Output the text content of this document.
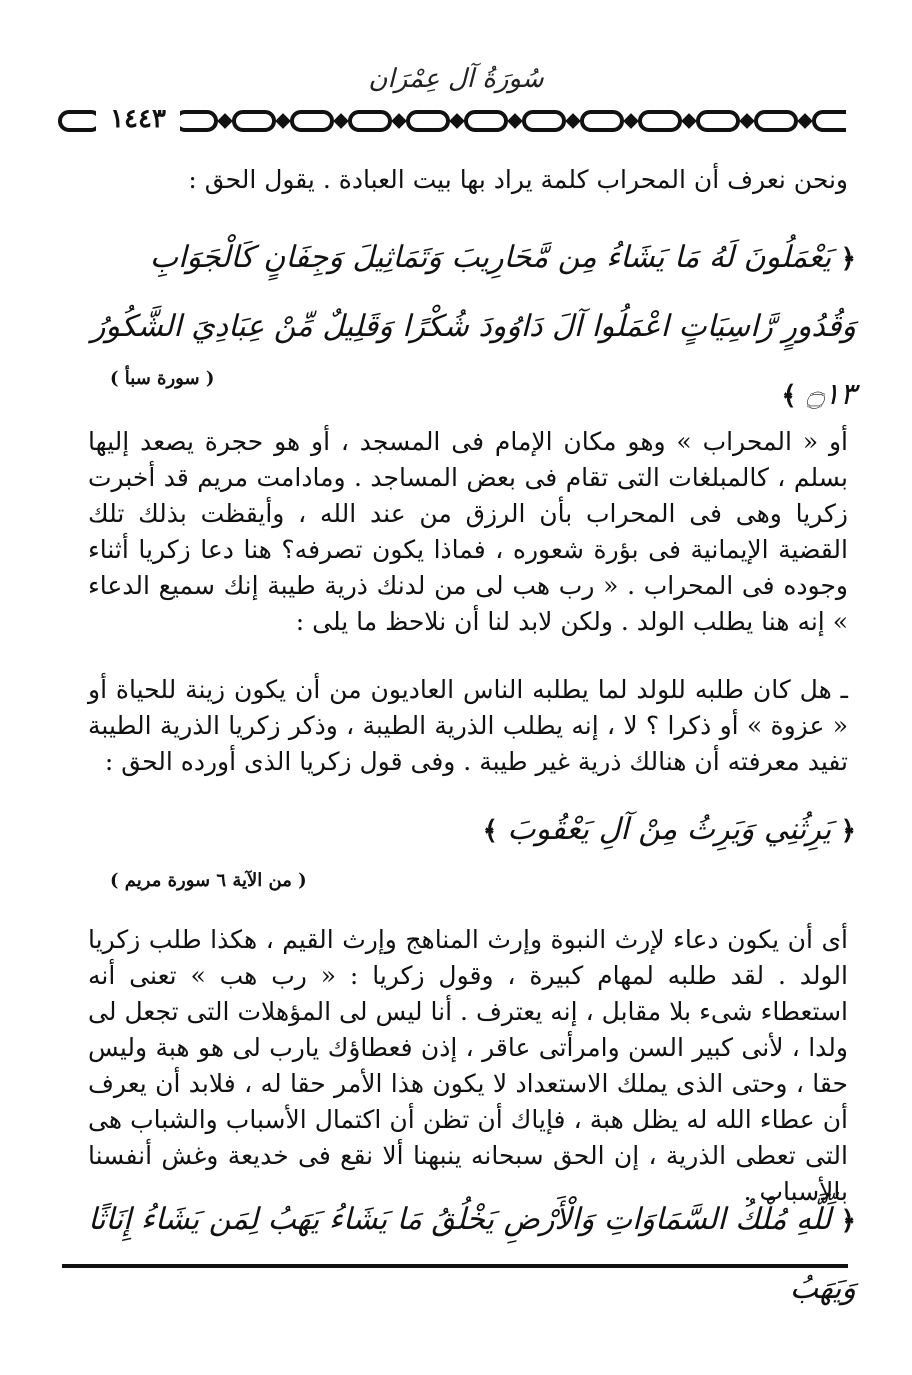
سُورَةُ آل عِمْرَان
١٤٤٣

ونحن نعرف أن المحراب كلمة يراد بها بيت العبادة . يقول الحق :

﴿ يَعْمَلُونَ لَهُ مَا يَشَاءُ مِن مَّحَارِيبَ وَتَمَاثِيلَ وَجِفَانٍ كَالْجَوَابِ وَقُدُورٍ رَّاسِيَاتٍ اعْمَلُوا آلَ دَاوُودَ شُكْرًا وَقَلِيلٌ مِّنْ عِبَادِيَ الشَّكُورُ ۝١٣ ﴾

( سورة سبأ )

أو « المحراب » وهو مكان الإمام فى المسجد ، أو هو حجرة يصعد إليها بسلم ، كالمبلغات التى تقام فى بعض المساجد . ومادامت مريم قد أخبرت زكريا وهى فى المحراب بأن الرزق من عند الله ، وأيقظت بذلك تلك القضية الإيمانية فى بؤرة شعوره ، فماذا يكون تصرفه؟ هنا دعا زكريا أثناء وجوده فى المحراب . « رب هب لى من لدنك ذرية طيبة إنك سميع الدعاء » إنه هنا يطلب الولد . ولكن لابد لنا أن نلاحظ ما يلى :

ـ هل كان طلبه للولد لما يطلبه الناس العاديون من أن يكون زينة للحياة أو « عزوة » أو ذكرا ؟ لا ، إنه يطلب الذرية الطيبة ، وذكر زكريا الذرية الطيبة تفيد معرفته أن هنالك ذرية غير طيبة . وفى قول زكريا الذى أورده الحق :

﴿ يَرِثُنِي وَيَرِثُ مِنْ آلِ يَعْقُوبَ ﴾

( من الآية ٦ سورة مريم )

أى أن يكون دعاء لإرث النبوة وإرث المناهج وإرث القيم ، هكذا طلب زكريا الولد . لقد طلبه لمهام كبيرة ، وقول زكريا : « رب هب » تعنى أنه استعطاء شىء بلا مقابل ، إنه يعترف . أنا ليس لى المؤهلات التى تجعل لى ولدا ، لأنى كبير السن وامرأتى عاقر ، إذن فعطاؤك يارب لى هو هبة وليس حقا ، وحتى الذى يملك الاستعداد لا يكون هذا الأمر حقا له ، فلابد أن يعرف أن عطاء الله له يظل هبة ، فإياك أن تظن أن اكتمال الأسباب والشباب هى التى تعطى الذرية ، إن الحق سبحانه ينبهنا ألا نقع فى خديعة وغش أنفسنا بالأسباب .

﴿ لِّلَّهِ مُلْكُ السَّمَاوَاتِ وَالْأَرْضِ يَخْلُقُ مَا يَشَاءُ يَهَبُ لِمَن يَشَاءُ إِنَاثًا وَيَهَبُ
